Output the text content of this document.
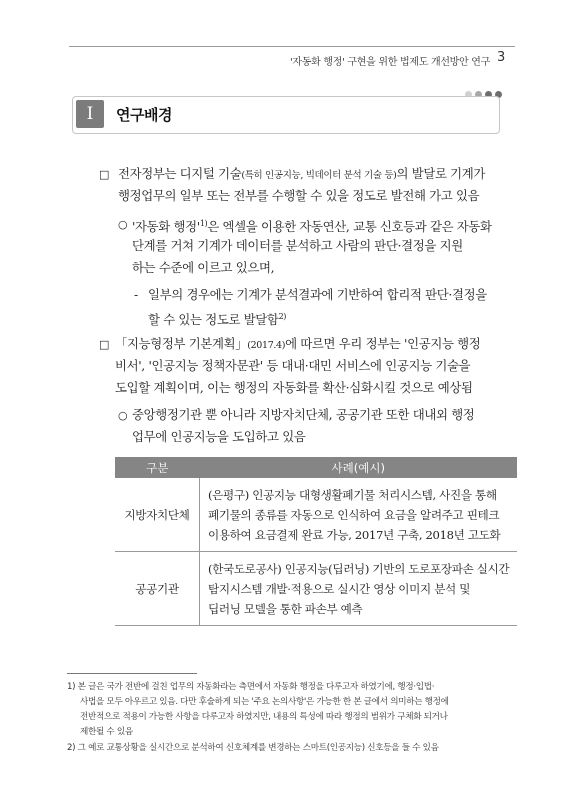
'자동화 행정' 구현을 위한 법제도 개선방안 연구 3
I	연구배경
□ 전자정부는 디지털 기술(특히 인공지능, 빅데이터 분석 기술 등)의 발달로 기계가
행정업무의 일부 또는 전부를 수행할 수 있을 정도로 발전해 가고 있음
○ '자동화 행정'$^{1)}$은 엑셀을 이용한 자동연산, 교통 신호등과 같은 자동화
단계를 거쳐 기계가 데이터를 분석하고 사람의 판단·결정을 지원
하는 수준에 이르고 있으며,
- 일부의 경우에는 기계가 분석결과에 기반하여 합리적 판단·결정을
할 수 있는 정도로 발달함$^{2)}$
□ 「지능형정부 기본계획」(2017.4)에 따르면 우리 정부는 '인공지능 행정
비서', '인공지능 정책자문관' 등 대내·대민 서비스에 인공지능 기술을
도입할 계획이며, 이는 행정의 자동화를 확산·심화시킬 것으로 예상됨
○ 중앙행정기관 뿐 아니라 지방자치단체, 공공기관 또한 대내외 행정
업무에 인공지능을 도입하고 있음
구분	사례(예시)
지방자치단체	(은평구) 인공지능 대형생활폐기물 처리시스템, 사진을 통해
폐기물의 종류를 자동으로 인식하여 요금을 알려주고 핀테크
이용하여 요금결제 완료 가능, 2017년 구축, 2018년 고도화

공공기관	(한국도로공사) 인공지능(딥러닝) 기반의 도로포장파손 실시간
탐지시스템 개발·적용으로 실시간 영상 이미지 분석 및
딥러닝 모델을 통한 파손부 예측
1) 본 글은 국가 전반에 걸친 업무의 자동화라는 측면에서 자동화 행정을 다루고자 하였기에, 행정·입법·
사법을 모두 아우르고 있음. 다만 후술하게 되는 '주요 논의사항'은 가능한 한 본 글에서 의미하는 행정에
전반적으로 적용이 가능한 사항을 다루고자 하였지만, 내용의 특성에 따라 행정의 범위가 구체화 되거나
제한될 수 있음
2) 그 예로 교통상황을 실시간으로 분석하여 신호체계를 변경하는 스마트(인공지능) 신호등을 들 수 있음
